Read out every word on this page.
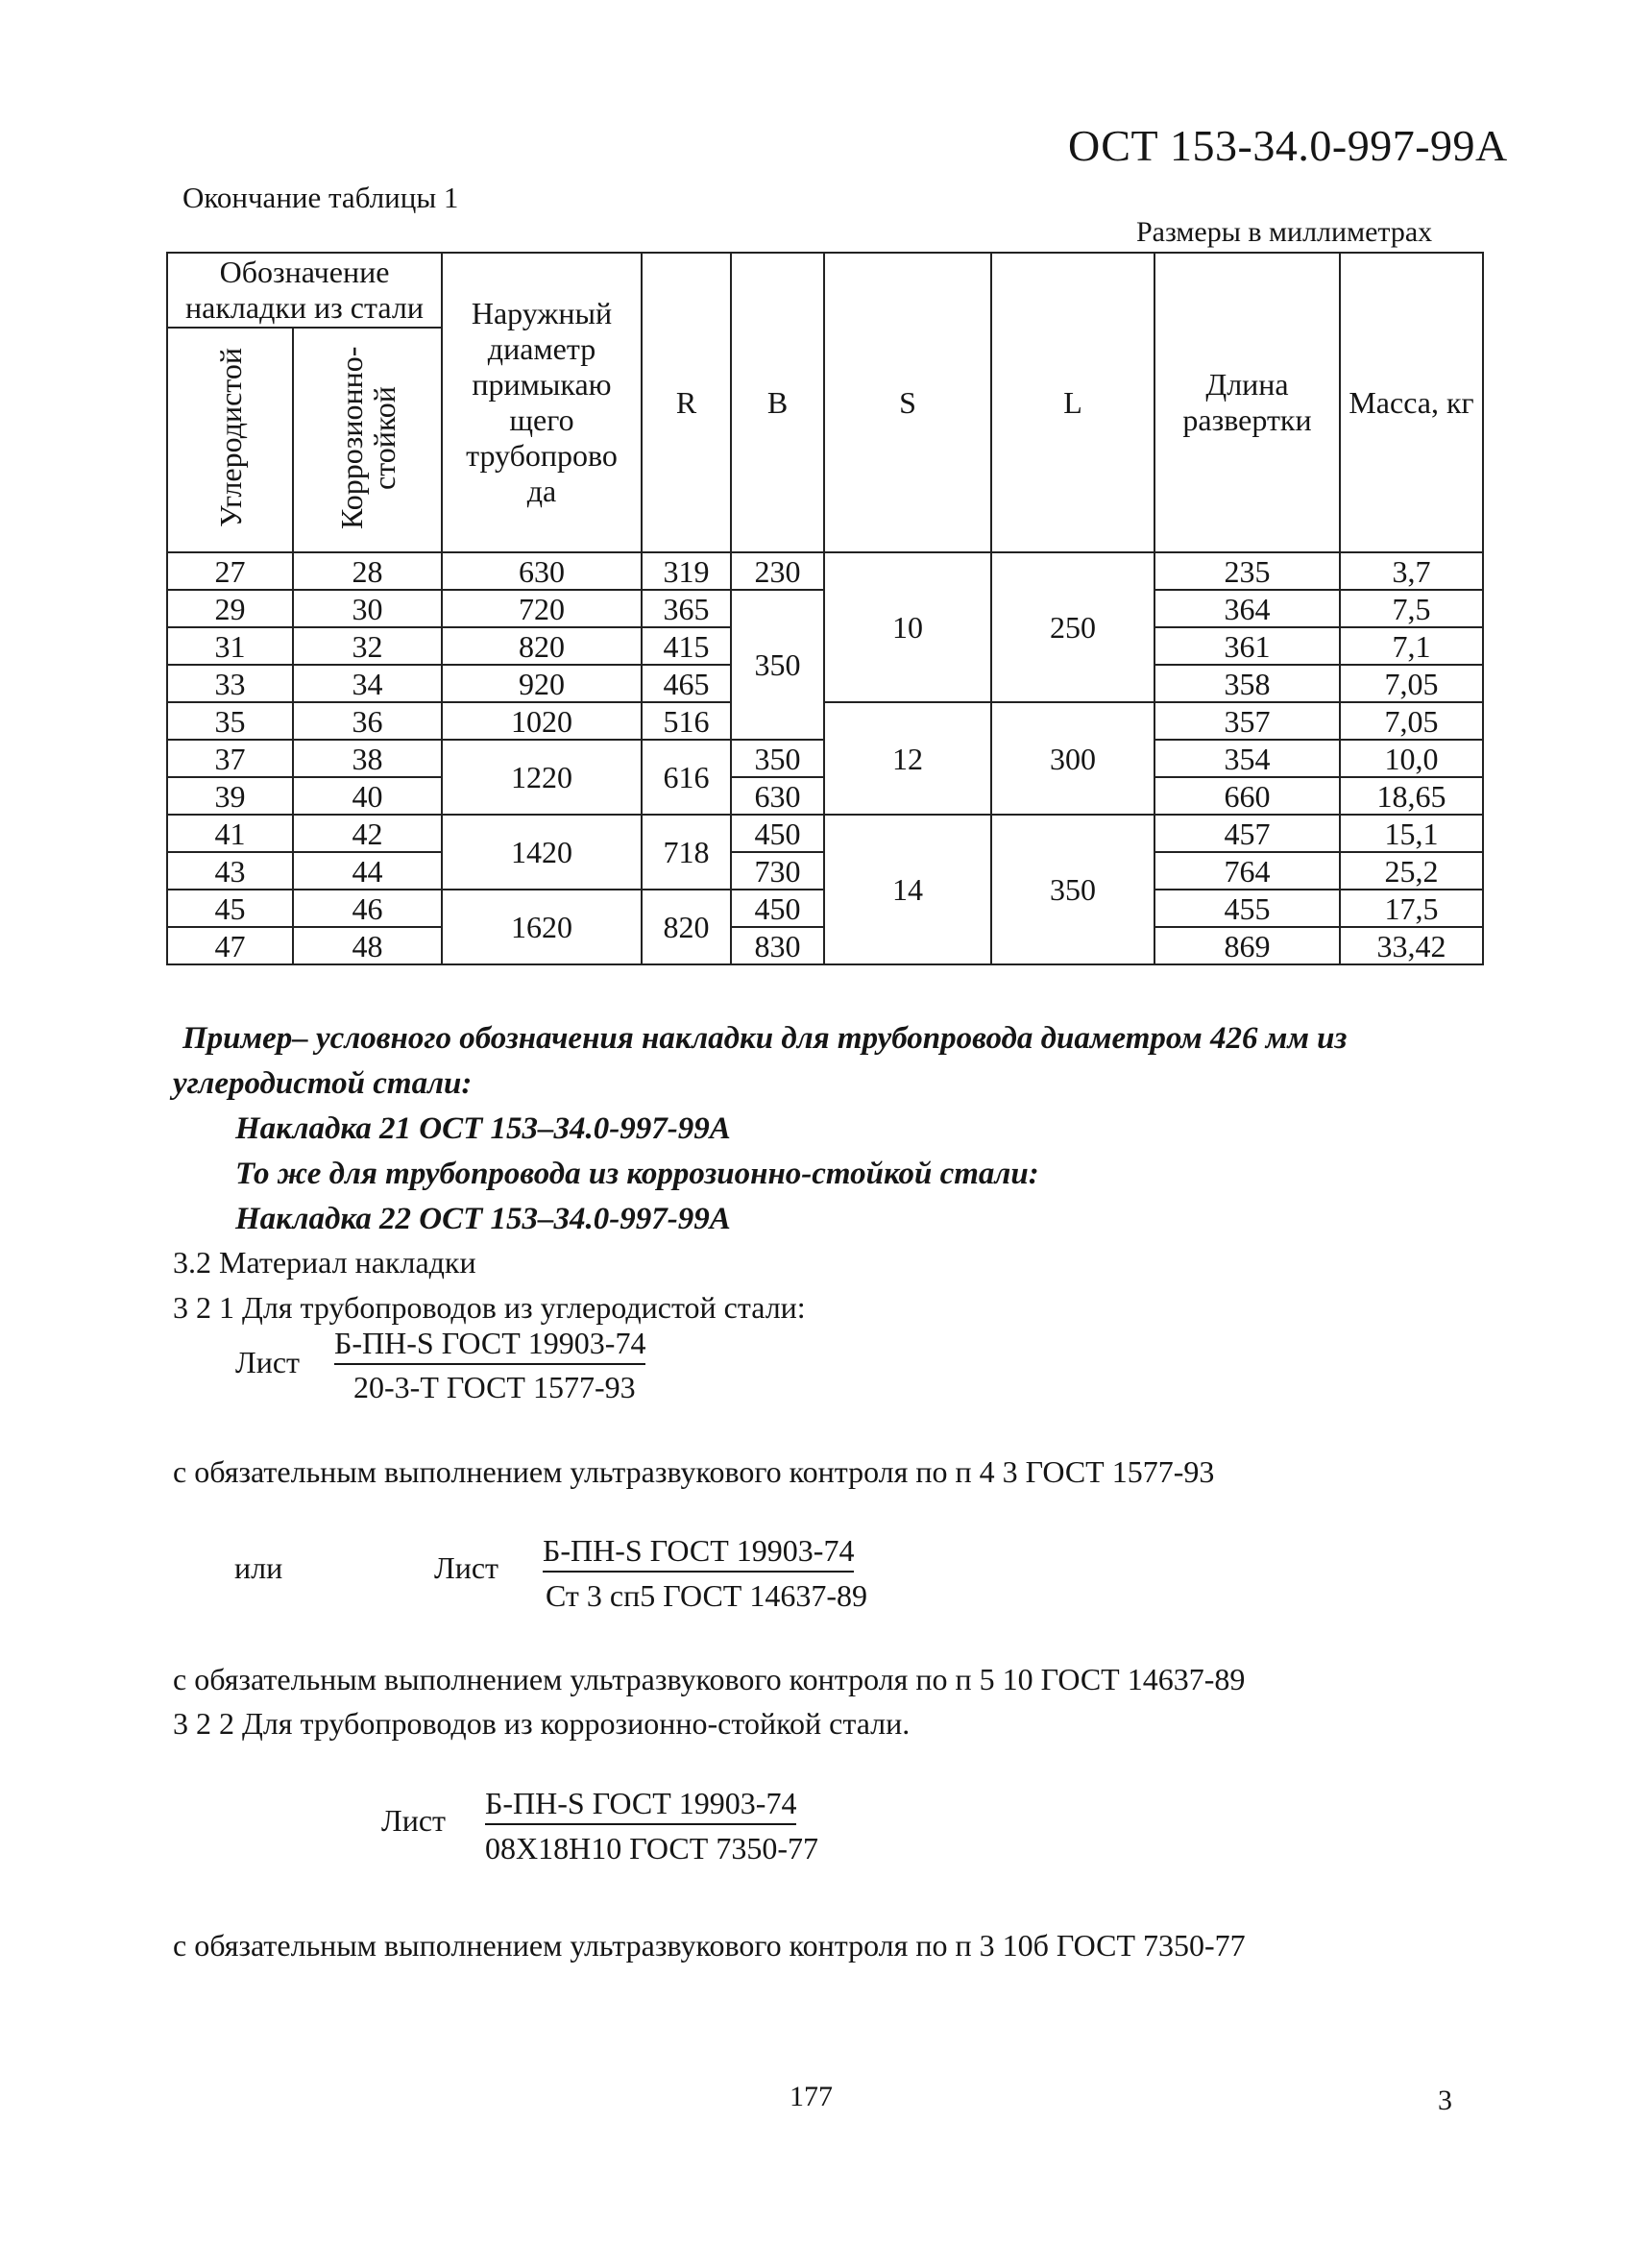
ОСТ 153-34.0-997-99А
Окончание таблицы 1
Размеры в миллиметрах
Обозначение накладки из стали		Наружный диаметр примыкаю щего трубопрово да	R	B	S	L	Длина развертки	Масса, кг
Углеродистой	Коррозионно-стойкой							
27	28	630	319	230	10	250	235	3,7
29	30	720	365	350			364	7,5
31	32	820	415				361	7,1
33	34	920	465				358	7,05
35	36	1020	516		12	300	357	7,05
37	38	1220	616	350			354	10,0
39	40			630			660	18,65
41	42	1420	718	450	14	350	457	15,1
43	44			730			764	25,2
45	46	1620	820	450			455	17,5
47	48			830			869	33,42
Пример– условного обозначения накладки для трубопровода диаметром 426 мм из
углеродистой стали:
Накладка 21 ОСТ 153–34.0-997-99А
То же для трубопровода из коррозионно-стойкой стали:
Накладка 22 ОСТ 153–34.0-997-99А
3.2 Материал накладки
3 2 1 Для трубопроводов из углеродистой стали:
Лист
Б-ПН-S ГОСТ 19903-74
20-3-Т ГОСТ 1577-93
с обязательным выполнением ультразвукового контроля по п 4 3 ГОСТ 1577-93
или	Лист Б-ПН-S ГОСТ 19903-74
Ст 3 сп5 ГОСТ 14637-89
с обязательным выполнением ультразвукового контроля по п 5 10 ГОСТ 14637-89
3 2 2 Для трубопроводов из коррозионно-стойкой стали.
Лист Б-ПН-S ГОСТ 19903-74
08Х18Н10 ГОСТ 7350-77
с обязательным выполнением ультразвукового контроля по п 3 10б ГОСТ 7350-77
177	3
